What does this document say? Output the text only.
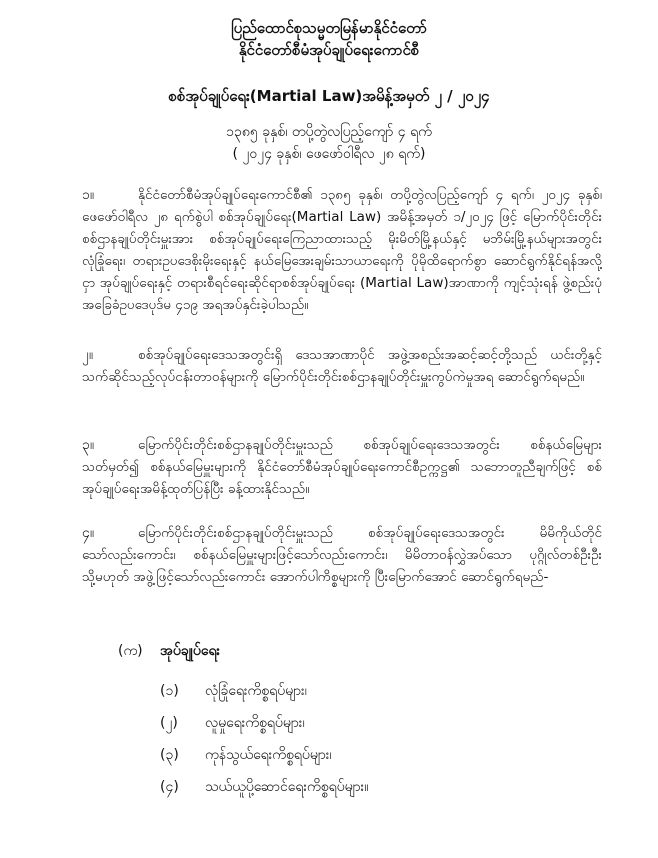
ပြည်ထောင်စုသမ္မတမြန်မာနိုင်ငံတော်
နိုင်ငံတော်စီမံအုပ်ချုပ်ရေးကောင်စီ
စစ်အုပ်ချုပ်ရေး(Martial Law)အမိန့်အမှတ် ၂ / ၂၀၂၄
၁၃၈၅ ခုနှစ်၊ တပို့တွဲလပြည့်ကျော် ၄ ရက်
( ၂၀၂၄ ခုနှစ်၊ ဖေဖော်ဝါရီလ ၂၈ ရက်)
၁။	နိုင်ငံတော်စီမံအုပ်ချုပ်ရေးကောင်စီ၏ ၁၃၈၅ ခုနှစ်၊ တပို့တွဲလပြည့်ကျော် ၄ ရက်၊ ၂၀၂၄ ခုနှစ်၊ ဖေဖော်ဝါရီလ ၂၈ ရက်စွဲပါ စစ်အုပ်ချုပ်ရေး(Martial Law) အမိန့်အမှတ် ၁/၂၀၂၄ ဖြင့် မြောက်ပိုင်းတိုင်း စစ်ဌာနချုပ်တိုင်းမှူးအား စစ်အုပ်ချုပ်ရေးကြေညာထားသည့် မိုးမိတ်မြို့နယ်နှင့် မဘိမ်းမြို့နယ်များအတွင်း လုံခြုံရေး၊ တရားဥပဒေစိုးမိုးရေးနှင့် နယ်မြေအေးချမ်းသာယာရေးကို ပိုမိုထိရောက်စွာ ဆောင်ရွက်နိုင်ရန်အလို့ငှာ အုပ်ချုပ်ရေးနှင့် တရားစီရင်ရေးဆိုင်ရာစစ်အုပ်ချုပ်ရေး (Martial Law)အာဏာကို ကျင့်သုံးရန် ဖွဲ့စည်းပုံအခြေခံဥပဒေပုဒ်မ ၄၁၉ အရအပ်နှင်းခဲ့ပါသည်။
၂။	စစ်အုပ်ချုပ်ရေးဒေသအတွင်းရှိ ဒေသအာဏာပိုင် အဖွဲ့အစည်းအဆင့်ဆင့်တို့သည် ယင်းတို့နှင့်သက်ဆိုင်သည့်လုပ်ငန်းတာဝန်များကို မြောက်ပိုင်းတိုင်းစစ်ဌာနချုပ်တိုင်းမှူးကွပ်ကဲမှုအရ ဆောင်ရွက်ရမည်။
၃။	မြောက်ပိုင်းတိုင်းစစ်ဌာနချုပ်တိုင်းမှူးသည် စစ်အုပ်ချုပ်ရေးဒေသအတွင်း စစ်နယ်မြေများ သတ်မှတ်၍ စစ်နယ်မြေမှူးများကို နိုင်ငံတော်စီမံအုပ်ချုပ်ရေးကောင်စီဥက္ကဋ္ဌ၏ သဘောတူညီချက်ဖြင့် စစ်အုပ်ချုပ်ရေးအမိန့်ထုတ်ပြန်ပြီး ခန့်ထားနိုင်သည်။
၄။	မြောက်ပိုင်းတိုင်းစစ်ဌာနချုပ်တိုင်းမှူးသည် စစ်အုပ်ချုပ်ရေးဒေသအတွင်း မိမိကိုယ်တိုင်သော်လည်းကောင်း၊ စစ်နယ်မြေမှူးများဖြင့်သော်လည်းကောင်း၊ မိမိတာဝန်လွှဲအပ်သော ပုဂ္ဂိုလ်တစ်ဦးဦး သို့မဟုတ် အဖွဲ့ဖြင့်သော်လည်းကောင်း အောက်ပါကိစ္စများကို ပြီးမြောက်အောင် ဆောင်ရွက်ရမည်-
(က) အုပ်ချုပ်ရေး
(၁) လုံခြုံရေးကိစ္စရပ်များ၊
(၂) လူမှုရေးကိစ္စရပ်များ၊
(၃) ကုန်သွယ်ရေးကိစ္စရပ်များ၊
(၄) သယ်ယူပို့ဆောင်ရေးကိစ္စရပ်များ။
